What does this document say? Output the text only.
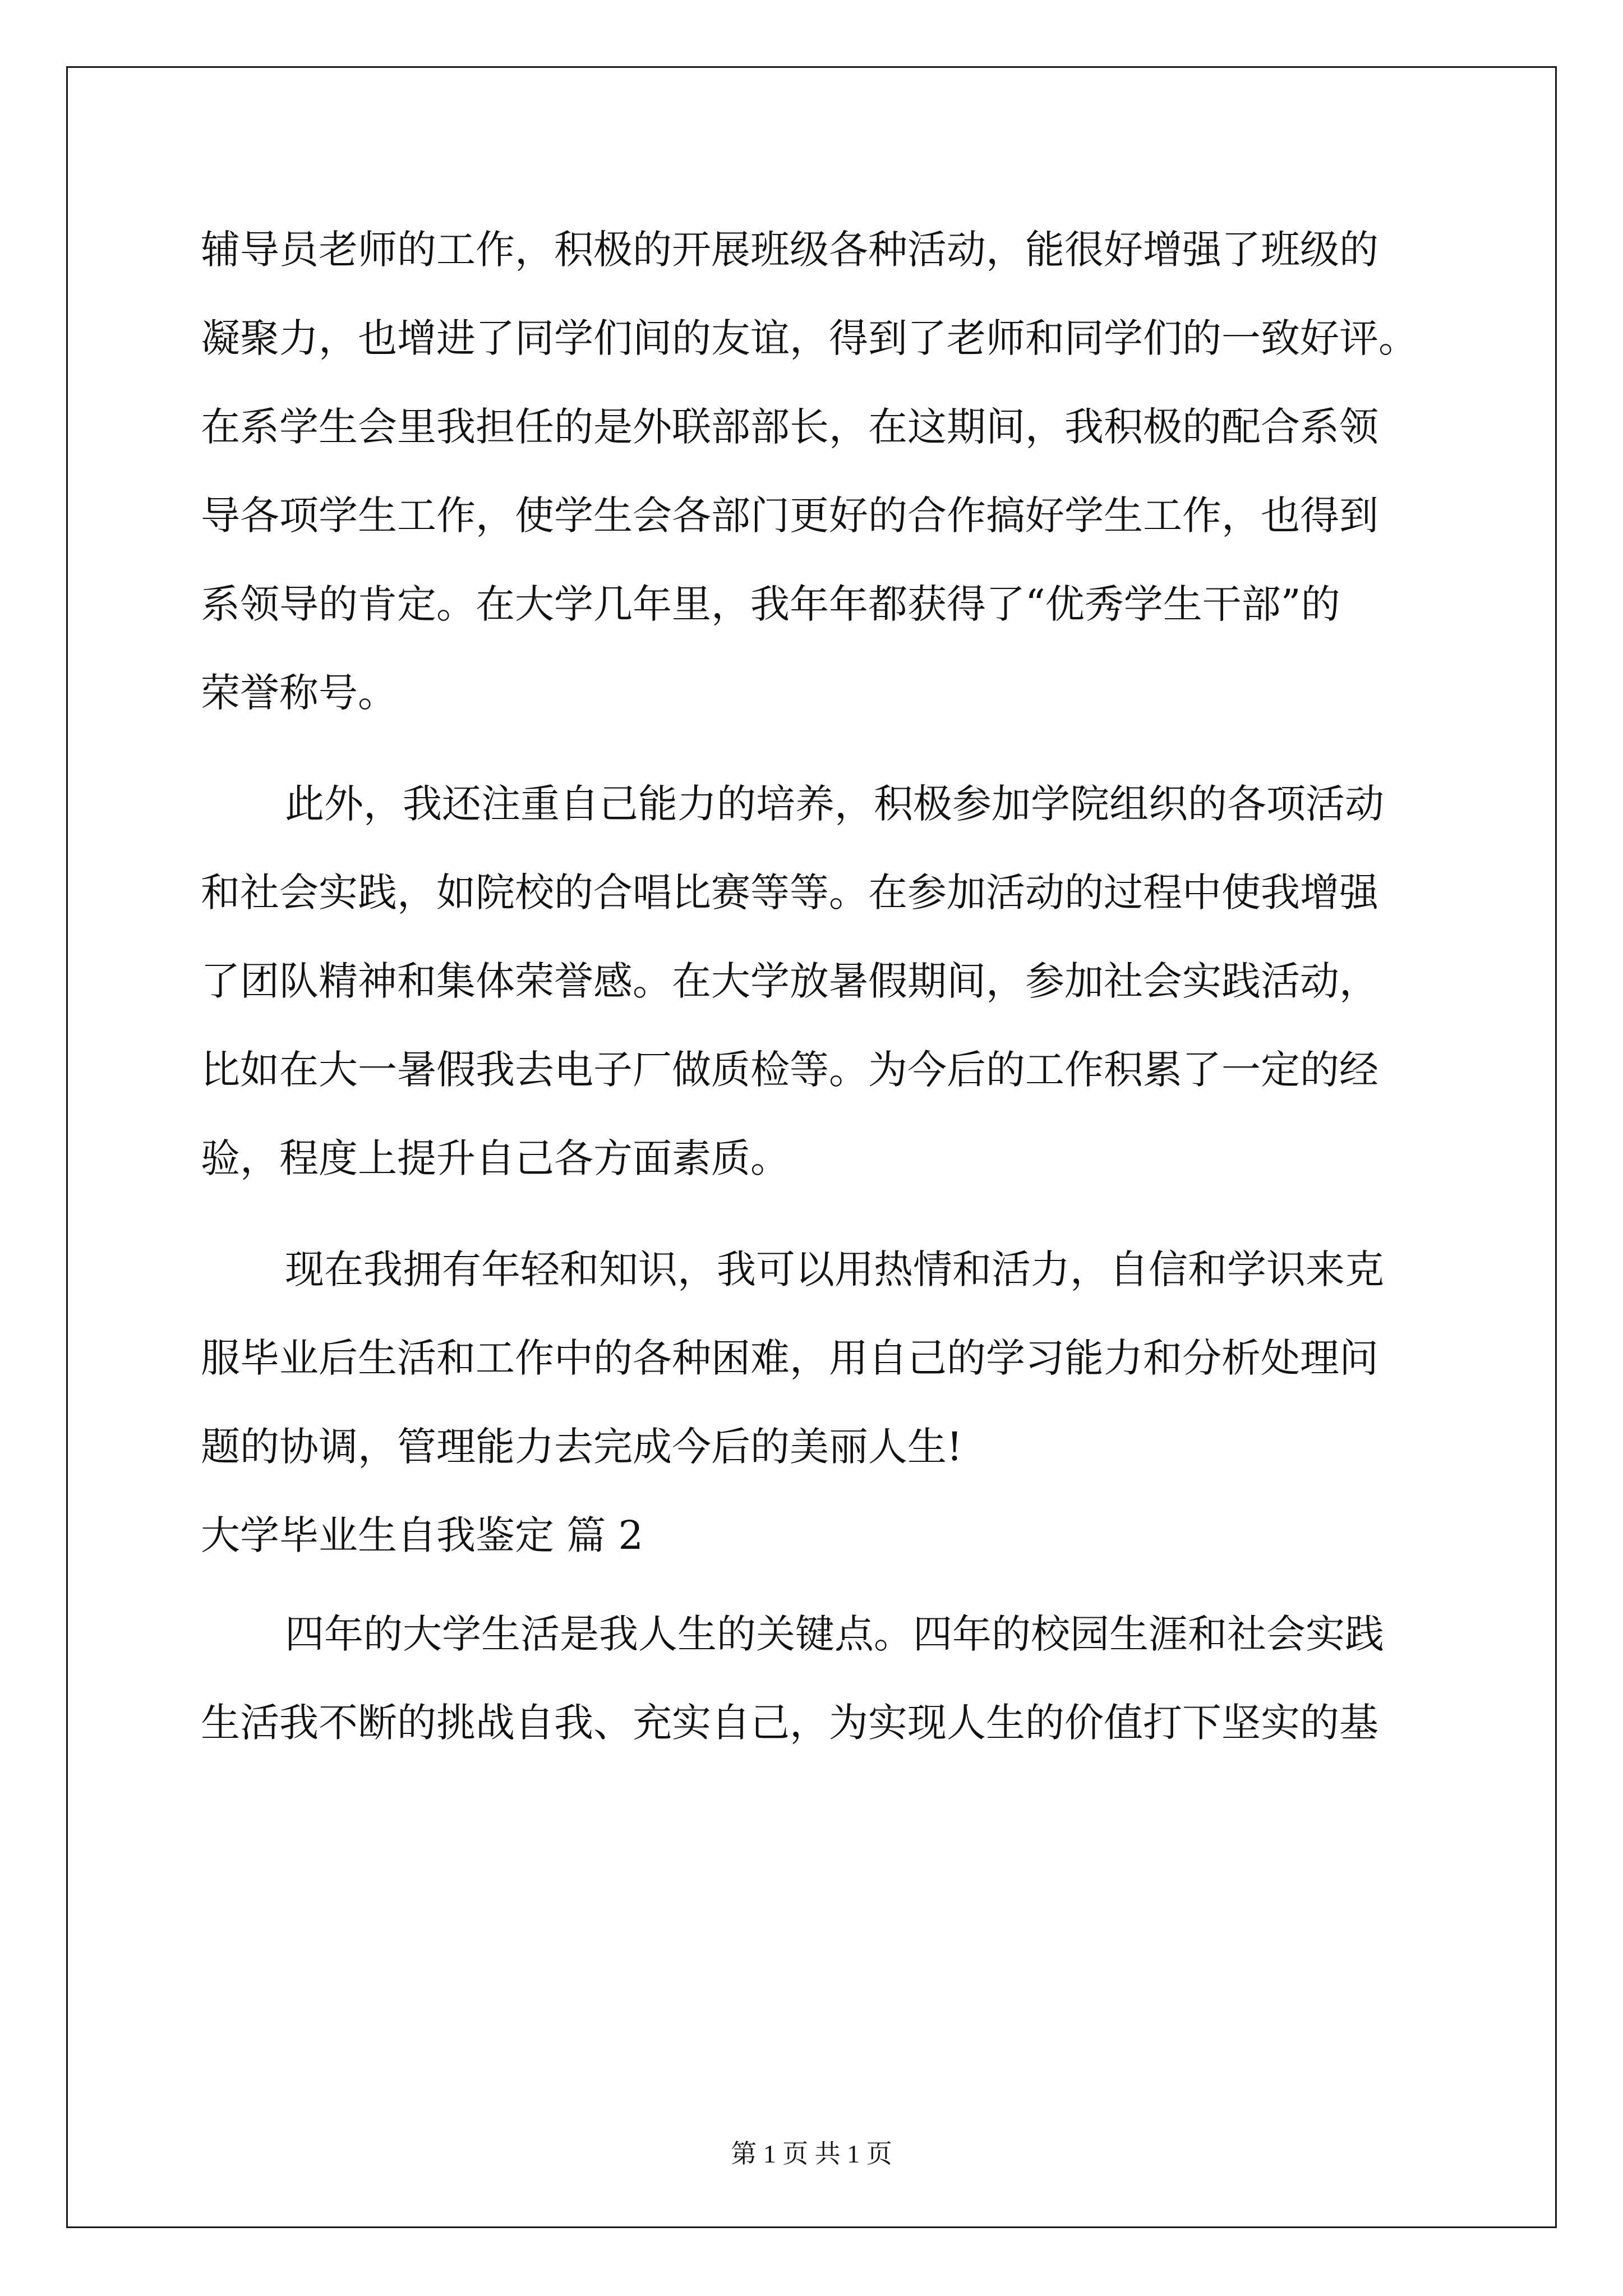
辅导员老师的工作，积极的开展班级各种活动，能很好增强了班级的
凝聚力，也增进了同学们间的友谊，得到了老师和同学们的一致好评。
在系学生会里我担任的是外联部部长，在这期间，我积极的配合系领
导各项学生工作，使学生会各部门更好的合作搞好学生工作，也得到
系领导的肯定。在大学几年里，我年年都获得了“优秀学生干部”的
荣誉称号。
此外，我还注重自己能力的培养，积极参加学院组织的各项活动
和社会实践，如院校的合唱比赛等等。在参加活动的过程中使我增强
了团队精神和集体荣誉感。在大学放暑假期间，参加社会实践活动，
比如在大一暑假我去电子厂做质检等。为今后的工作积累了一定的经
验，程度上提升自己各方面素质。
现在我拥有年轻和知识，我可以用热情和活力，自信和学识来克
服毕业后生活和工作中的各种困难，用自己的学习能力和分析处理问
题的协调，管理能力去完成今后的美丽人生!
大学毕业生自我鉴定 篇 2
四年的大学生活是我人生的关键点。四年的校园生涯和社会实践
生活我不断的挑战自我、充实自己，为实现人生的价值打下坚实的基
第 1 页 共 1 页
